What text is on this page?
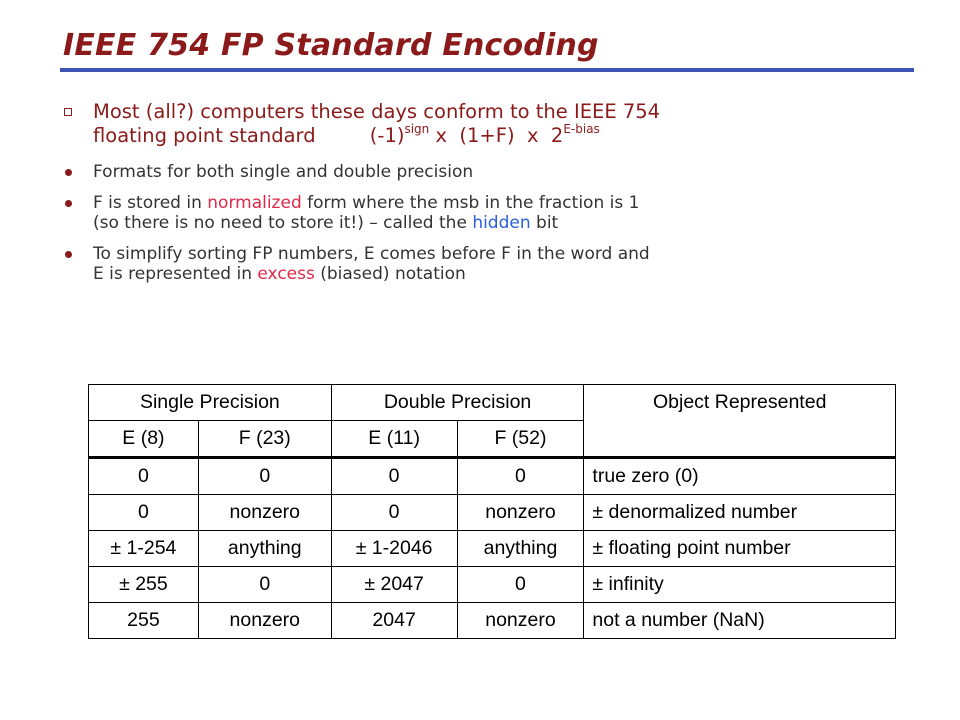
IEEE 754 FP Standard Encoding
Most (all?) computers these days conform to the IEEE 754
floating point standard	$(-1)^{sign}$ x  (1+F)  x  $2^{E-bias}$
Formats for both single and double precision
F is stored in normalized form where the msb in the fraction is 1
(so there is no need to store it!) – called the hidden bit
To simplify sorting FP numbers, E comes before F in the word and
E is represented in excess (biased) notation
Single Precision		Double Precision		Object Represented
E (8)	F (23)	E (11)	F (52)	
0	0	0	0	true zero (0)
0	nonzero	0	nonzero	± denormalized number
± 1-254	anything	± 1-2046	anything	± floating point number
± 255	0	± 2047	0	± infinity
255	nonzero	2047	nonzero	not a number (NaN)
